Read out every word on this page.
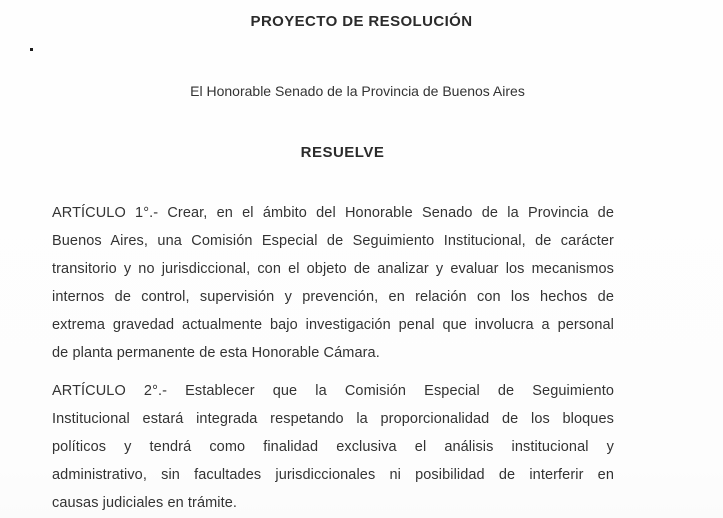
PROYECTO DE RESOLUCIÓN
El Honorable Senado de la Provincia de Buenos Aires
RESUELVE
ARTÍCULO 1°.- Crear, en el ámbito del Honorable Senado de la Provincia de
Buenos Aires, una Comisión Especial de Seguimiento Institucional, de carácter
transitorio y no jurisdiccional, con el objeto de analizar y evaluar los mecanismos
internos de control, supervisión y prevención, en relación con los hechos de
extrema gravedad actualmente bajo investigación penal que involucra a personal
de planta permanente de esta Honorable Cámara.
ARTÍCULO 2°.- Establecer que la Comisión Especial de Seguimiento
Institucional estará integrada respetando la proporcionalidad de los bloques
políticos y tendrá como finalidad exclusiva el análisis institucional y
administrativo, sin facultades jurisdiccionales ni posibilidad de interferir en
causas judiciales en trámite.
